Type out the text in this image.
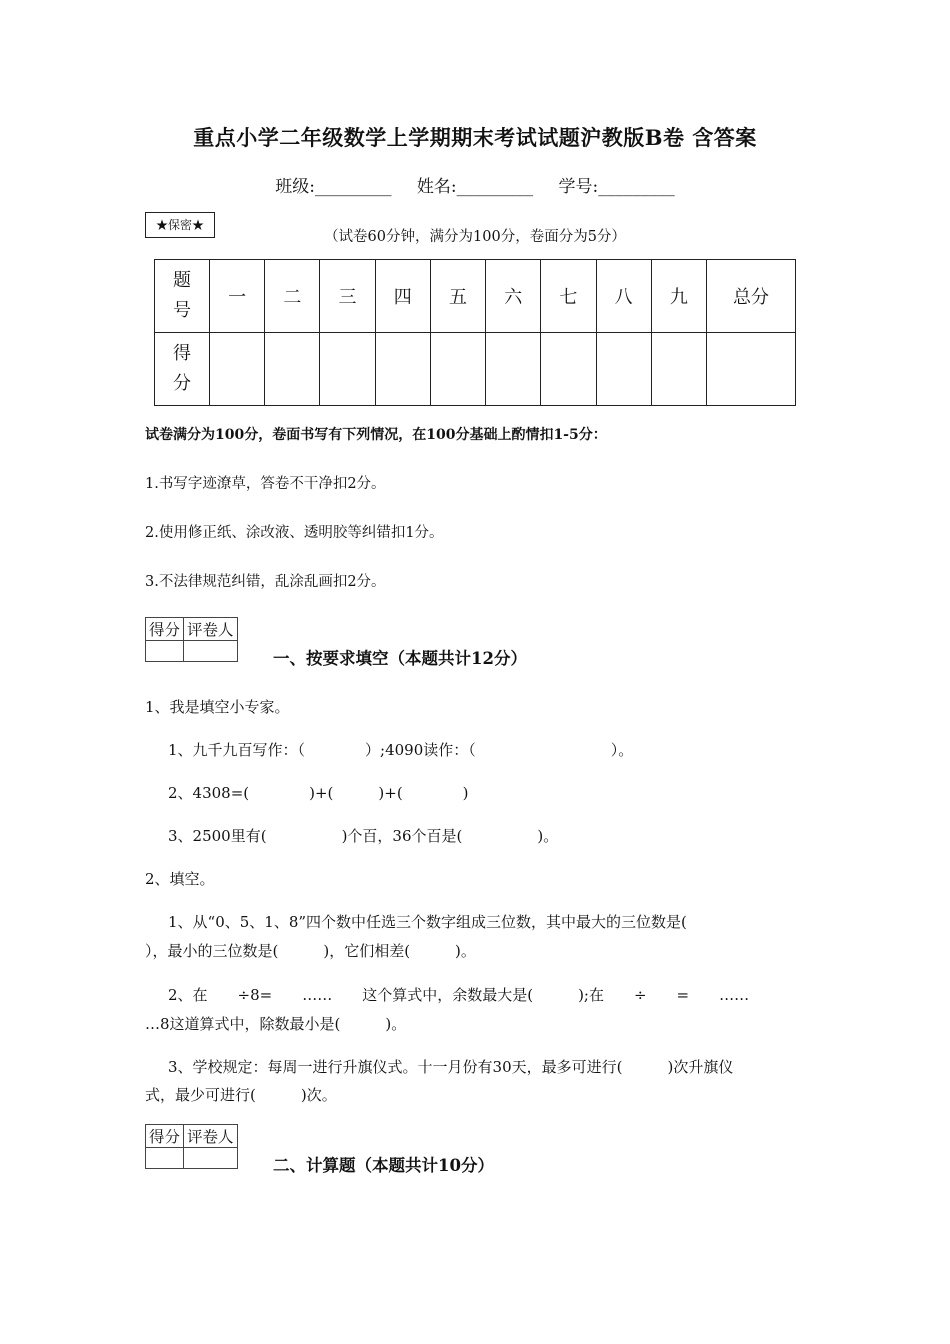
重点小学二年级数学上学期期末考试试题沪教版B卷 含答案
班级:_________ 姓名:_________ 学号:_________
★保密★
（试卷60分钟，满分为100分，卷面分为5分）
题
号	一	二	三	四	五	六	七	八	九	总分

得
分										

试卷满分为100分，卷面书写有下列情况，在100分基础上酌情扣1-5分：
1.书写字迹潦草，答卷不干净扣2分。
2.使用修正纸、涂改液、透明胶等纠错扣1分。
3.不法律规范纠错，乱涂乱画扣2分。
得分	评卷人

一、按要求填空（本题共计12分）
1、我是填空小专家。
1、九千九百写作：（　　　　）;4090读作：（　　　　　　　　　）。
2、4308=(　　　　)+(　　　)+(　　　　)
3、2500里有(　　　　　)个百，36个百是(　　　　　)。
2、填空。
1、从“0、5、1、8”四个数中任选三个数字组成三位数，其中最大的三位数是(
），最小的三位数是(　　　)，它们相差(　　　)。
2、在　　÷8=　　……　　这个算式中，余数最大是(　　　);在　　÷　　=　　……
…8这道算式中，除数最小是(　　　)。
3、学校规定：每周一进行升旗仪式。十一月份有30天，最多可进行(　　　)次升旗仪
式，最少可进行(　　　)次。
得分	评卷人

二、计算题（本题共计10分）
